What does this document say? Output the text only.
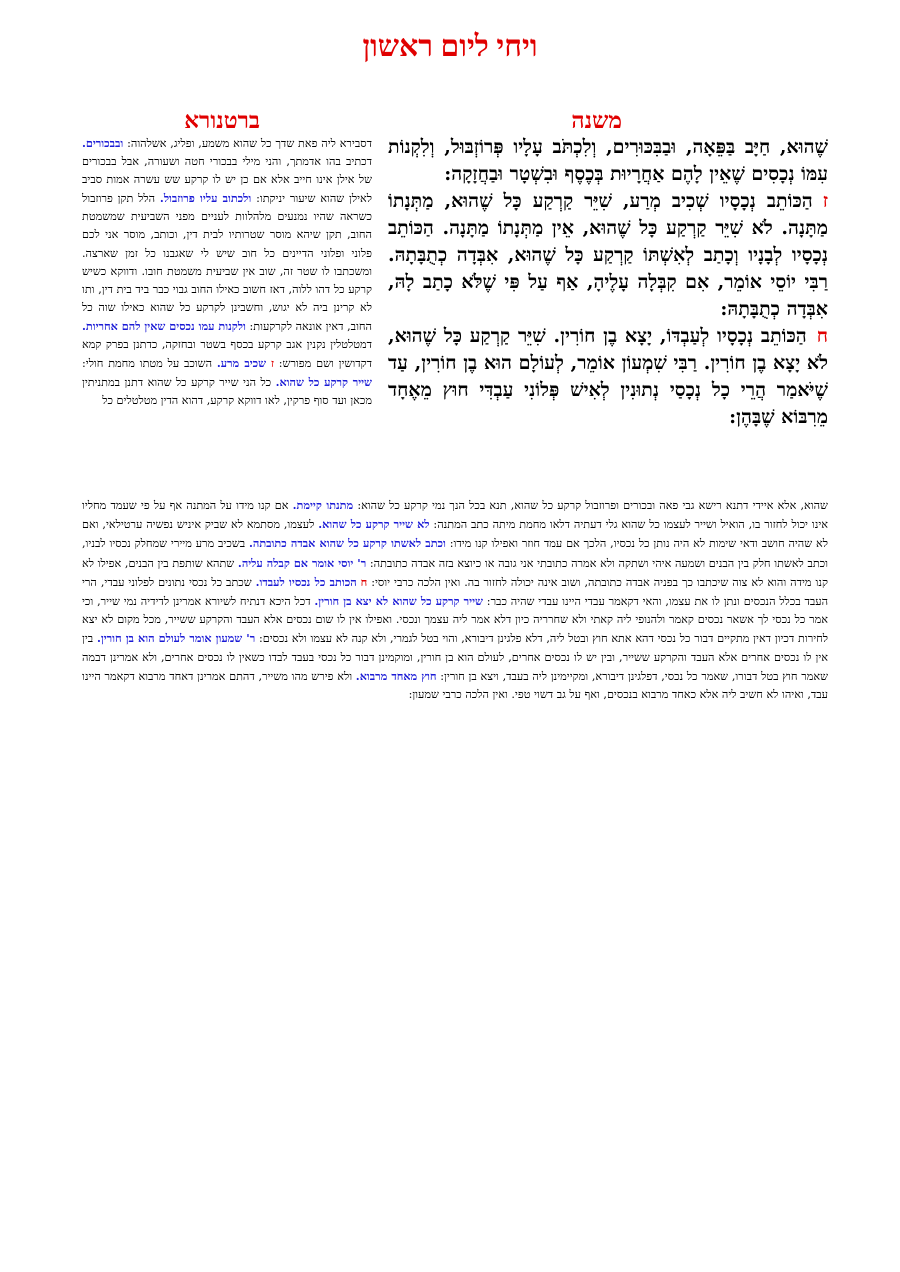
ויחי ליום ראשון
משנה
ברטנורא

שֶׁהוּא, חַיָּב בַּפֵּאָה, וּבַבִּכּוּרִים, וְלִכְתֹּב עָלָיו פְּרוֹזְבּוּל, וְלִקְנוֹת עִמּוֹ נְכָסִים שֶׁאֵין לָהֶם אַחֲרָיוּת בְּכֶסֶף וּבִשְׁטָר וּבַחֲזָקָה:

זהַכּוֹתֵב נְכָסָיו שְׁכִיב מְרַע, שִׁיֵּר קַרְקַע כָּל שֶׁהוּא, מַתְּנָתוֹ מַתָּנָה. לֹא שִׁיֵּר קַרְקַע כָּל שֶׁהוּא, אֵין מַתְּנָתוֹ מַתָּנָה. הַכּוֹתֵב נְכָסָיו לְבָנָיו וְכָתַב לְאִשְׁתּוֹ קַרְקַע כָּל שֶׁהוּא, אִבְּדָה כְתֻבָּתָהּ. רַבִּי יוֹסֵי אוֹמֵר, אִם קִבְּלָה עָלֶיהָ, אַף עַל פִּי שֶׁלֹּא כָתַב לָהּ, אִבְּדָה כְתֻבָּתָהּ:

חהַכּוֹתֵב נְכָסָיו לְעַבְדּוֹ, יָצָא בֶן חוֹרִין. שִׁיֵּר קַרְקַע כָּל שֶׁהוּא, לֹא יָצָא בֶן חוֹרִין. רַבִּי שִׁמְעוֹן אוֹמֵר, לְעוֹלָם הוּא בֶן חוֹרִין, עַד שֶׁיֹּאמַר הֲרֵי כָל נְכָסַי נְתוּנִין לְאִישׁ פְּלוֹנִי עַבְדִּי חוּץ מֵאֶחָד מֵרִבּוֹא שֶׁבָּהֶן:

דסבירא ליה פאת שדך כל שהוא משמע, ופליג, אשלהוה: ובבכורים. דכתיב בהו אדמתך, והני מילי בבכורי חטה ושעורה, אבל בבכורים של אילן אינו חייב אלא אם כן יש לו קרקע שש עשרה אמות סביב לאילן שהוא שיעור יניקתו: ולכתוב עליו פרוזבול. הלל תקן פרוזבול כשראה שהיו נמנעים מלהלוות לעניים מפני השביעית שמשמטת החוב, תקן שיהא מוסר שטרותיו לבית דין, וכותב, מוסר אני לכם פלוני ופלוני הדיינים כל חוב שיש לי שאגבנו כל זמן שארצה. ומשכתבו לו שטר זה, שוב אין שביעית משמטת חובו. ודווקא כשיש קרקע כל דהו ללוה, דאז חשוב כאילו החוב גבוי כבר ביד בית דין, ותו לא קרינן ביה לא יגוש, וחשבינן לקרקע כל שהוא כאילו שוה כל החוב, דאין אונאה לקרקעות: ולקנות עמו נכסים שאין להם אחריות. דמטלטלין נקנין אגב קרקע בכסף בשטר ובחזקה, כדתנן בפרק קמא דקדושין ושם מפורש: ז שכיב מרע. השוכב על מטתו מחמת חולי: שייר קרקע כל שהוא. כל הני שייר קרקע כל שהוא דתנן במתניתין מכאן ועד סוף פרקין, לאו דווקא קרקע, דהוא הדין מטלטלים כל

שהוא, אלא איידי דתנא רישא גבי פאה ובכורים ופרוזבול קרקע כל שהוא, תנא בכל הנך נמי קרקע כל שהוא: מתנתו קיימת. אם קנו מידו על המתנה אף על פי שעמד מחליו אינו יכול לחזור בו, הואיל ושייר לעצמו כל שהוא גלי דעתיה דלאו מחמת מיתה כתב המתנה: לא שייר קרקע כל שהוא. לעצמו, מסתמא לא שביק איניש נפשיה ערטילאי, ואם לא שהיה חושב ודאי שימות לא היה נותן כל נכסיו, הלכך אם עמד חוזר ואפילו קנו מידו: וכתב לאשתו קרקע כל שהוא אבדה כתובתה. בשכיב מרע מיירי שמחלק נכסיו לבניו, וכתב לאשתו חלק בין הבנים ושמעה איהי ושתקה ולא אמרה כתובתי אני גובה או כיוצא בזה אבדה כתובתה: ר' יוסי אומר אם קבלה עליה. שתהא שותפת בין הבנים, אפילו לא קנו מידה והוא לא צוה שיכתבו כך בפניה אבדה כתובתה, ושוב אינה יכולה לחזור בה. ואין הלכה כרבי יוסי: ח הכותב כל נכסיו לעבדו. שכתב כל נכסי נתונים לפלוני עבדי, הרי העבד בכלל הנכסים ונתן לו את עצמו, והאי דקאמר עבדי היינו עבדי שהיה כבר: שייר קרקע כל שהוא לא יצא בן חורין. דכל היכא דנתיח לשיורא אמרינן לדידיה נמי שייר, וכי אמר כל נכסי לך אשאר נכסים קאמר ולהנופי ליה קאתי ולא שחרריה כיון דלא אמר ליה עצמך ונכסי. ואפילו אין לו שום נכסים אלא העבד והקרקע ששייר, מכל מקום לא יצא לחירות דכיון דאין מתקיים דבור כל נכסי דהא אתא חוץ ובטל ליה, דלא פלגינן דיבורא, והוי בטל לגמרי, ולא קנה לא עצמו ולא נכסים: ר' שמעון אומר לעולם הוא בן חורין. בין אין לו נכסים אחרים אלא העבד והקרקע ששייר, ובין יש לו נכסים אחרים, לעולם הוא בן חורין, ומוקמינן דבור כל נכסי בעבד לבדו כשאין לו נכסים אחרים, ולא אמרינן דבמה שאמר חוץ בטל דבורו, שאמר כל נכסי, דפלגינן דיבורא, ומקיימינן ליה בעבד, ויצא בן חורין: חוץ מאחד מרבוא. ולא פירש מהו משייר, דהתם אמרינן דאחד מרבוא דקאמר היינו עבד, ואיהו לא חשיב ליה אלא כאחד מרבוא בנכסים, ואף על גב דשוי טפי. ואין הלכה כרבי שמעון:
